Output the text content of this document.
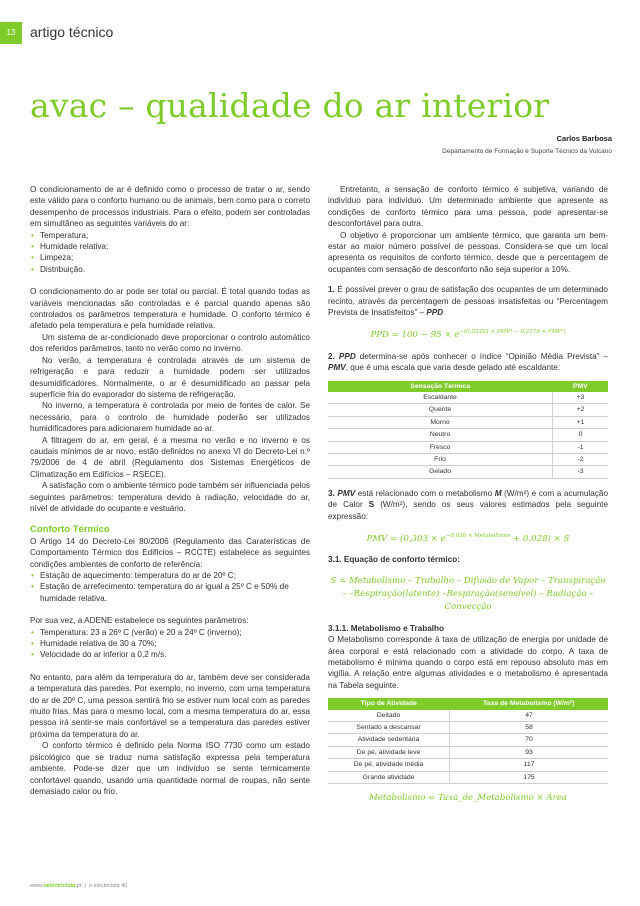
13	artigo técnico
avac – qualidade do ar interior
Carlos Barbosa
Departamento de Formação e Suporte Técnico da Vulcano

O condicionamento de ar é definido como o processo de tratar o ar, sendo este válido para o conforto humano ou de animais, bem como para o correto desempenho de processos industriais. Para o efeito, podem ser controladas em simultâneo as seguintes variáveis do ar:

• Temperatura;
• Humidade relativa;
• Limpeza;
• Distribuição.

O condicionamento do ar pode ser total ou parcial. É total quando todas as variáveis mencionadas são controladas e é parcial quando apenas são controlados os parâmetros temperatura e humidade. O conforto térmico é afetado pela temperatura e pela humidade relativa.

Um sistema de ar-condicionado deve proporcionar o controlo automático dos referidos parâmetros, tanto no verão como no inverno.

No verão, a temperatura é controlada através de um sistema de refrigeração e para reduzir a humidade podem ser utilizados desumidificadores. Normalmente, o ar é desumidificado ao passar pela superfície fria do evaporador do sistema de refrigeração.

No inverno, a temperatura é controlada por meio de fontes de calor. Se necessário, para o controlo de humidade poderão ser utilizados humidificadores para adicionarem humidade ao ar.

A filtragem do ar, em geral, é a mesma no verão e no inverno e os caudais mínimos de ar novo, estão definidos no anexo VI do Decreto-Lei n.º 79/2006 de 4 de abril (Regulamento dos Sistemas Energéticos de Climatização em Edifícios – RSECE).

A satisfação com o ambiente térmico pode também ser influenciada pelos seguintes parâmetros: temperatura devido à radiação, velocidade do ar, nível de atividade do ocupante e vestuário.

Conforto Térmico

O Artigo 14 do Decreto-Lei 80/2006 (Regulamento das Caraterísticas de Comportamento Térmico dos Edifícios – RCCTE) estabelece as seguintes condições ambientes de conforto de referência:

• Estação de aquecimento: temperatura do ar de 20º C;
• Estação de arrefecimento: temperatura do ar igual a 25º C e 50% de humidade relativa.

Por sua vez, a ADENE estabelece os seguintes parâmetros:

• Temperatura: 23 a 26º C (verão) e 20 a 24º C (inverno);
• Humidade relativa de 30 a 70%;
• Velocidade do ar inferior a 0,2 m/s.

No entanto, para além da temperatura do ar, também deve ser considerada a temperatura das paredes. Por exemplo, no inverno, com uma temperatura do ar de 20º C, uma pessoa sentirá frio se estiver num local com as paredes muito frias. Mas para o mesmo local, com a mesma temperatura do ar, essa pessoa irá sentir-se mais confortável se a temperatura das paredes estiver próxima da temperatura do ar.

O conforto térmico é definido pela Norma ISO 7730 como um estado psicológico que se traduz numa satisfação expressa pela temperatura ambiente. Pode-se dizer que um indivíduo se sente termicamente confortável quando, usando uma quantidade normal de roupas, não sente demasiado calor ou frio.

Entretanto, a sensação de conforto térmico é subjetiva, variando de indivíduo para indivíduo. Um determinado ambiente que apresente as condições de conforto térmico para uma pessoa, pode apresentar-se desconfortável para outra.

O objetivo é proporcionar um ambiente térmico, que garanta um bem-estar ao maior número possível de pessoas. Considera-se que um local apresenta os requisitos de conforto térmico, desde que a percentagem de ocupantes com sensação de desconforto não seja superior a 10%.

1. É possível prever o grau de satisfação dos ocupantes de um determinado recinto, através da percentagem de pessoas insatisfeitas ou “Percentagem Prevista de Insatisfeitos” – PPD

PPD = $100 - 95 \times e^{-(0,03353 \times PMV^4 - 0,2179 \times PMV^2)}$

2. PPD determina-se após conhecer o índice “Opinião Média Prevista” – PMV, que é uma escala que varia desde gelado até escaldante:

Sensação Térmica	PMV
Escaldante	+3
Quente	+2
Morno	+1
Neutro	0
Fresco	-1
Frio	-2
Gelado	-3

3. PMV está relacionado com o metabolismo M (W/m²) e com a acumulação de Calor S (W/m²), sendo os seus valores estimados pela seguinte expressão:

PMV = $(0,303 \times e^{-0,036 \times Metabolismo} + 0,028) \times S$

3.1. Equação de conforto térmico:

S = Metabolismo – Trabalho – Difusão de Vapor – Transpiração – –Respiração(latente) –Respiração(sensível) – Radiação – Convecção

3.1.1. Metabolismo e Trabalho

O Metabolismo corresponde à taxa de utilização de energia por unidade de área corporal e está relacionado com a atividade do corpo. A taxa de metabolismo é mínima quando o corpo está em repouso absoluto mas em vigília. A relação entre algumas atividades e o metabolismo é apresentada na Tabela seguinte.

Tipo de Atividade	Taxa de Metabolismo (W/m²)
Deitado	47
Sentado a descansar	58
Atividade sedentária	70
De pé, atividade leve	93
De pé, atividade média	117
Grande atividade	175
Metabolismo = Taxa_de_Metabolismo × Área
www.oelectricista.pt  |  o electricista 40
